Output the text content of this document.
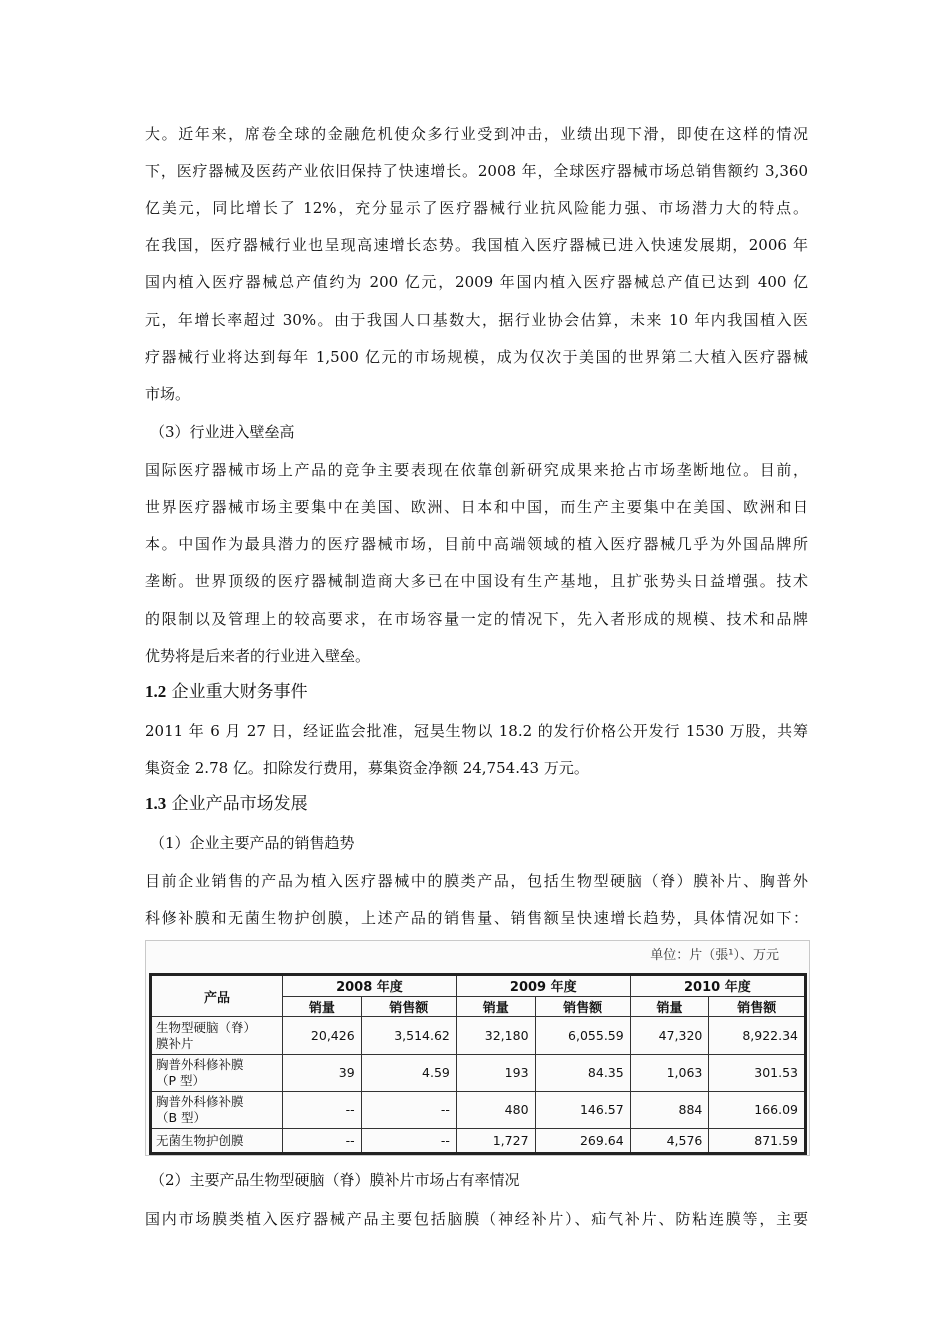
大。近年来，席卷全球的金融危机使众多行业受到冲击，业绩出现下滑，即使在这样的情况
下，医疗器械及医药产业依旧保持了快速增长。2008 年，全球医疗器械市场总销售额约 3,360
亿美元，同比增长了 12%，充分显示了医疗器械行业抗风险能力强、市场潜力大的特点。
在我国，医疗器械行业也呈现高速增长态势。我国植入医疗器械已进入快速发展期，2006 年
国内植入医疗器械总产值约为 200 亿元，2009 年国内植入医疗器械总产值已达到 400 亿
元，年增长率超过 30%。由于我国人口基数大，据行业协会估算，未来 10 年内我国植入医
疗器械行业将达到每年 1,500 亿元的市场规模，成为仅次于美国的世界第二大植入医疗器械
市场。
（3）行业进入壁垒高
国际医疗器械市场上产品的竞争主要表现在依靠创新研究成果来抢占市场垄断地位。目前，
世界医疗器械市场主要集中在美国、欧洲、日本和中国，而生产主要集中在美国、欧洲和日
本。中国作为最具潜力的医疗器械市场，目前中高端领域的植入医疗器械几乎为外国品牌所
垄断。世界顶级的医疗器械制造商大多已在中国设有生产基地，且扩张势头日益增强。技术
的限制以及管理上的较高要求，在市场容量一定的情况下，先入者形成的规模、技术和品牌
优势将是后来者的行业进入壁垒。
1.2 企业重大财务事件
2011 年 6 月 27 日，经证监会批准，冠昊生物以 18.2 的发行价格公开发行 1530 万股，共筹
集资金 2.78 亿。扣除发行费用，募集资金净额 24,754.43 万元。
1.3 企业产品市场发展
（1）企业主要产品的销售趋势
目前企业销售的产品为植入医疗器械中的膜类产品，包括生物型硬脑（脊）膜补片、胸普外
科修补膜和无菌生物护创膜，上述产品的销售量、销售额呈快速增长趋势，具体情况如下：
单位：片（張¹）、万元
产品	2008 年度		2009 年度		2010 年度	
	销量	销售额	销量	销售额	销量	销售额
生物型硬脑（脊）
膜补片	20,426	3,514.62	32,180	6,055.59	47,320	8,922.34
胸普外科修补膜
（P 型）	39	4.59	193	84.35	1,063	301.53
胸普外科修补膜
（B 型）	--	--	480	146.57	884	166.09
无菌生物护创膜	--	--	1,727	269.64	4,576	871.59
（2）主要产品生物型硬脑（脊）膜补片市场占有率情况
国内市场膜类植入医疗器械产品主要包括脑膜（神经补片）、疝气补片、防粘连膜等，主要
